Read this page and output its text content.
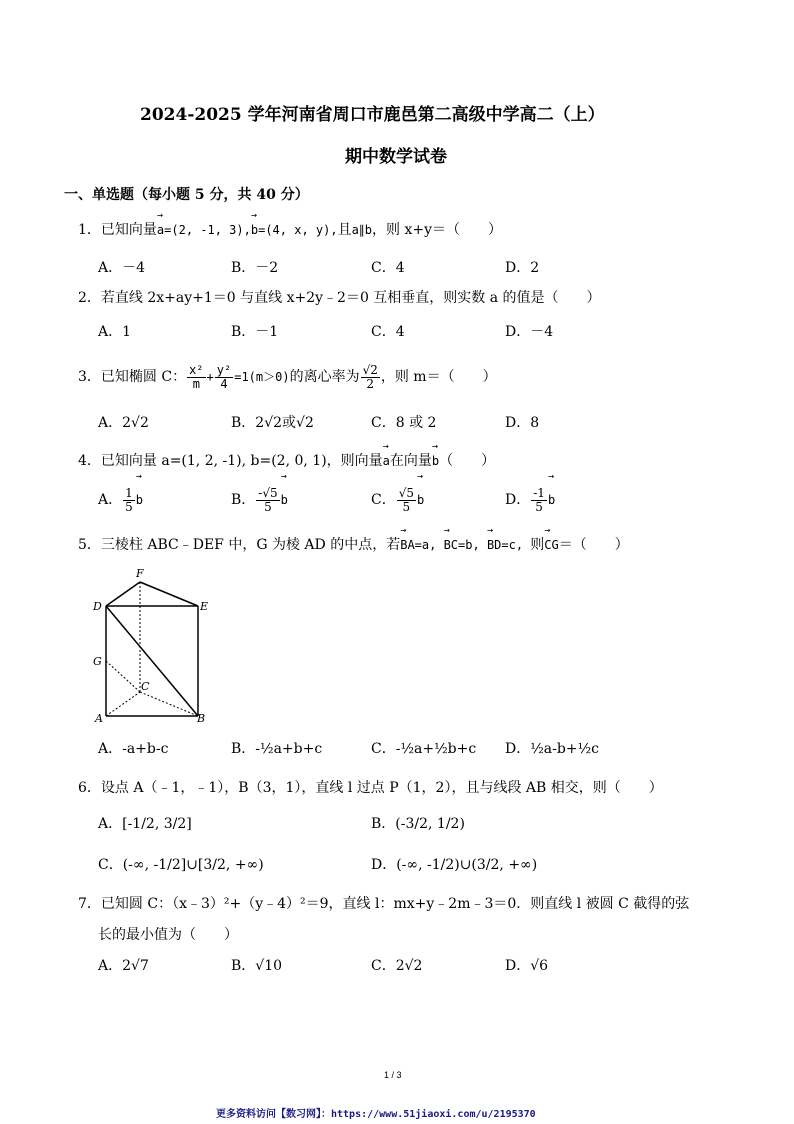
2024-2025 学年河南省周口市鹿邑第二高级中学高二（上）
期中数学试卷
一、单选题（每小题 5 分，共 40 分）
1．已知向量→ a=(2, -1, 3),→ b=(4, x, y),且a∥b，则 x+y＝（　　）
A．－4	B．－2	C．4	D．2
2．若直线 2x+ay+1＝0 与直线 x+2y﹣2＝0 互相垂直，则实数 a 的值是（　　）
A．1	B．－1	C．4	D．－4
3．已知椭圆 C： $\frac{\text{x²}}{m} + \frac{\text{y²}}{4} =1(m>0)$的离心率为 $\frac{√2}{2}$ ，则 m＝（　　）
A．2√2	B．2√2或√2	C．8 或 2	D．8
4．已知向量 a=(1, 2, -1), b=(2, 0, 1)，则向量→ a在向量→ b（　　）
A． $\frac{1}{5}$
→ b	B． $\frac{-√5}{5}$
→ b	C． $\frac{√5}{5}$
→ b	D． $\frac{-1}{5}$
→ b
5．三棱柱 ABC﹣DEF 中，G 为棱 AD 的中点，若→ BA=a, → BC=b, → BD=c, 则→ CG＝（　　）
F
D	E
G
C
A	B
A．-a+b-c	B．-½a+b+c	C．-½a+½b+c D．½a-b+½c
6．设点 A（﹣1，﹣1），B（3，1），直线 l 过点 P（1，2），且与线段 AB 相交，则（　　）
A．[-1/2, 3/2]	B．(-3/2, 1/2)
C．(-∞, -1/2]∪[3/2, +∞)	D．(-∞, -1/2)∪(3/2, +∞)
7．已知圆 C：（x﹣3）²+（y﹣4）²＝9，直线 l：mx+y﹣2m﹣3＝0．则直线 l 被圆 C 截得的弦
长的最小值为（　　）
A．2√7	B．√10	C．2√2	D．√6
1 / 3
更多资料访问【数习网】：https://www.51jiaoxi.com/u/2195370
